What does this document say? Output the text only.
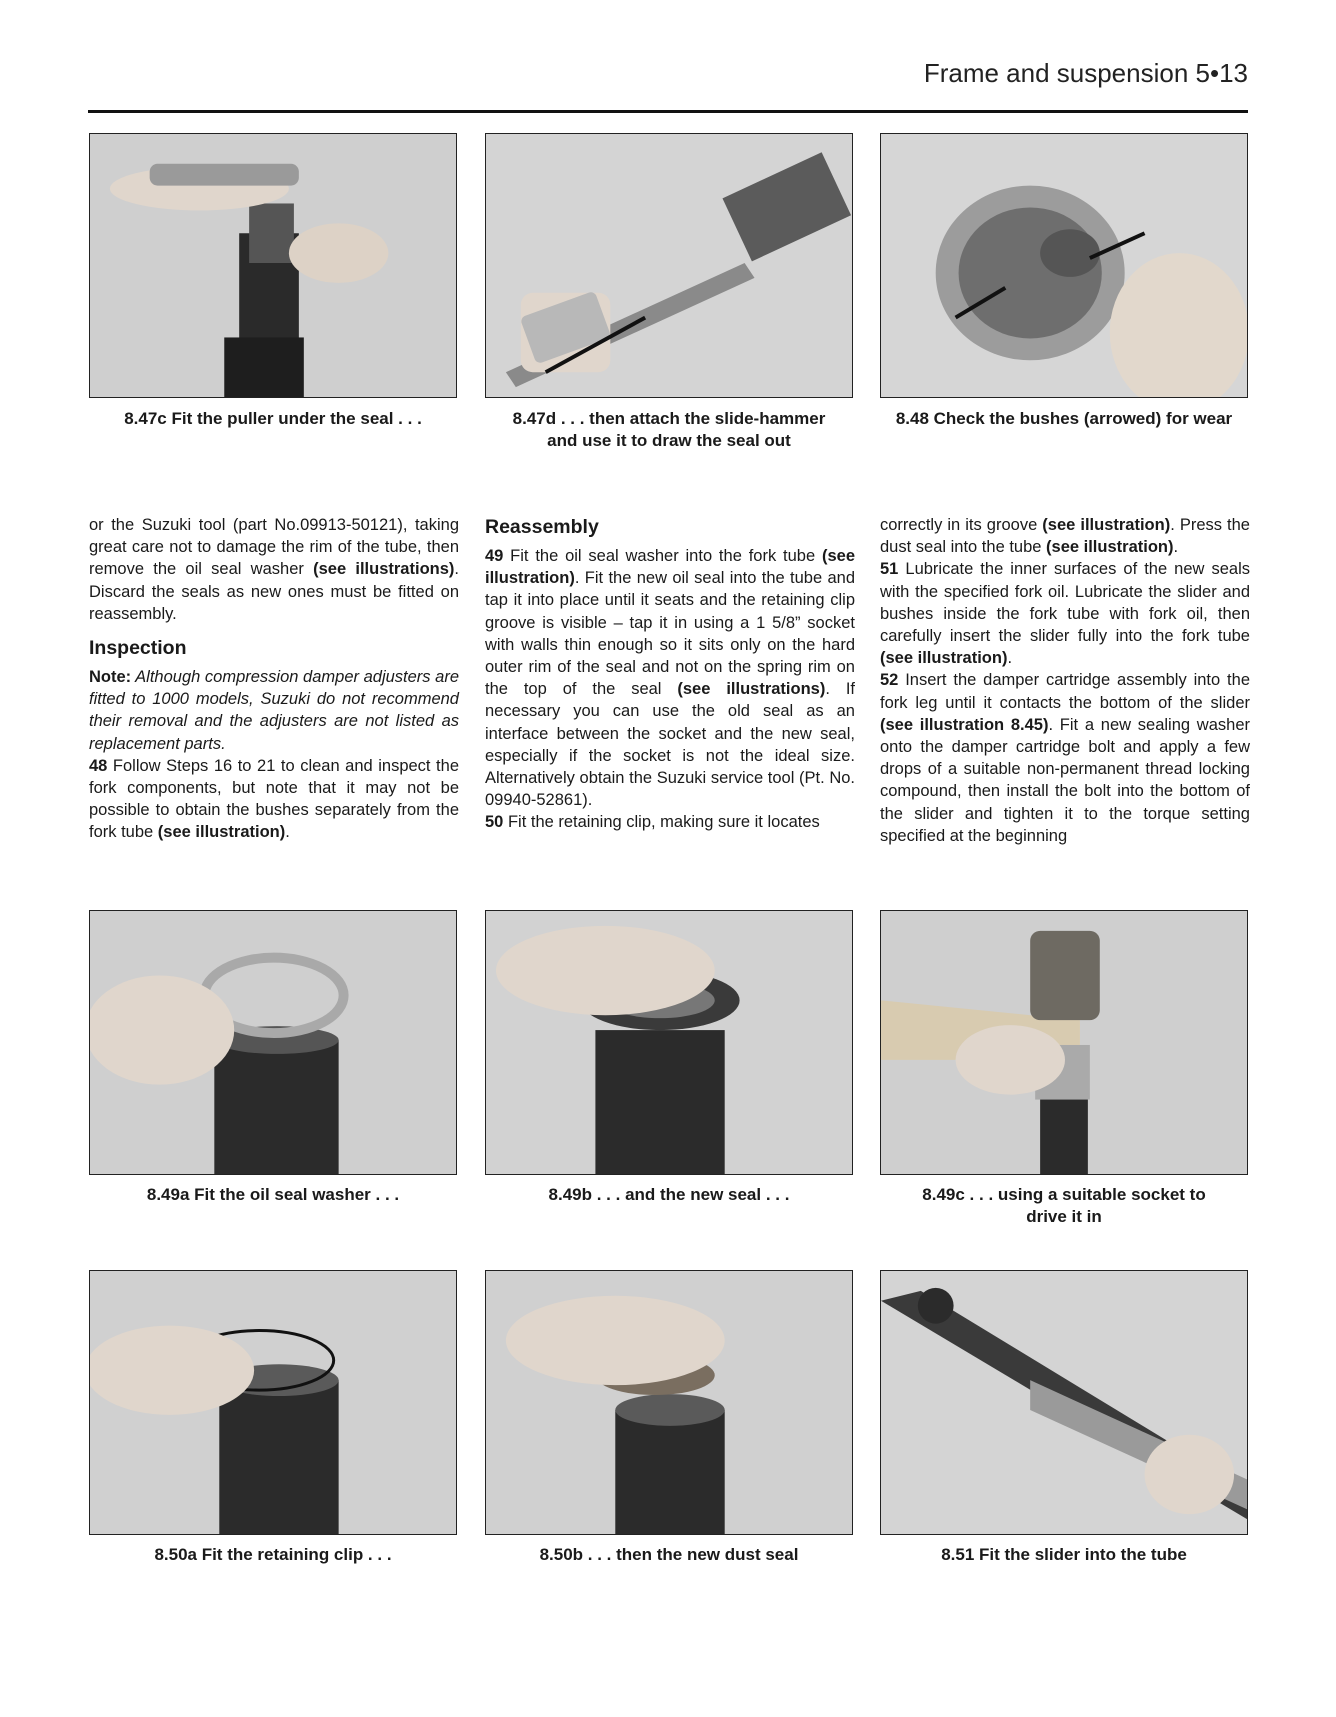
Frame and suspension 5•13
8.47c Fit the puller under the seal . . .	8.47d . . . then attach the slide-hammer
and use it to draw the seal out
8.48 Check the bushes (arrowed) for wear

or the Suzuki tool (part No.09913-50121), taking great care not to damage the rim of the tube, then remove the oil seal washer (see illustrations). Discard the seals as new ones must be fitted on reassembly.

Inspection

Note: Although compression damper adjusters are fitted to 1000 models, Suzuki do not recommend their removal and the adjusters are not listed as replacement parts.

48 Follow Steps 16 to 21 to clean and inspect the fork components, but note that it may not be possible to obtain the bushes separately from the fork tube (see illustration).

Reassembly

49 Fit the oil seal washer into the fork tube (see illustration). Fit the new oil seal into the tube and tap it into place until it seats and the retaining clip groove is visible – tap it in using a 1 5/8” socket with walls thin enough so it sits only on the hard outer rim of the seal and not on the spring rim on the top of the seal (see illustrations). If necessary you can use the old seal as an interface between the socket and the new seal, especially if the socket is not the ideal size. Alternatively obtain the Suzuki service tool (Pt. No. 09940-52861).

50 Fit the retaining clip, making sure it locates

correctly in its groove (see illustration). Press the dust seal into the tube (see illustration).

51 Lubricate the inner surfaces of the new seals with the specified fork oil. Lubricate the slider and bushes inside the fork tube with fork oil, then carefully insert the slider fully into the fork tube (see illustration).

52 Insert the damper cartridge assembly into the fork leg until it contacts the bottom of the slider (see illustration 8.45). Fit a new sealing washer onto the damper cartridge bolt and apply a few drops of a suitable non-permanent thread locking compound, then install the bolt into the bottom of the slider and tighten it to the torque setting specified at the beginning

8.49a Fit the oil seal washer . . .	8.49b . . . and the new seal . . .	8.49c . . . using a suitable socket to
drive it in
8.50a Fit the retaining clip . . .	8.50b . . . then the new dust seal	8.51 Fit the slider into the tube
